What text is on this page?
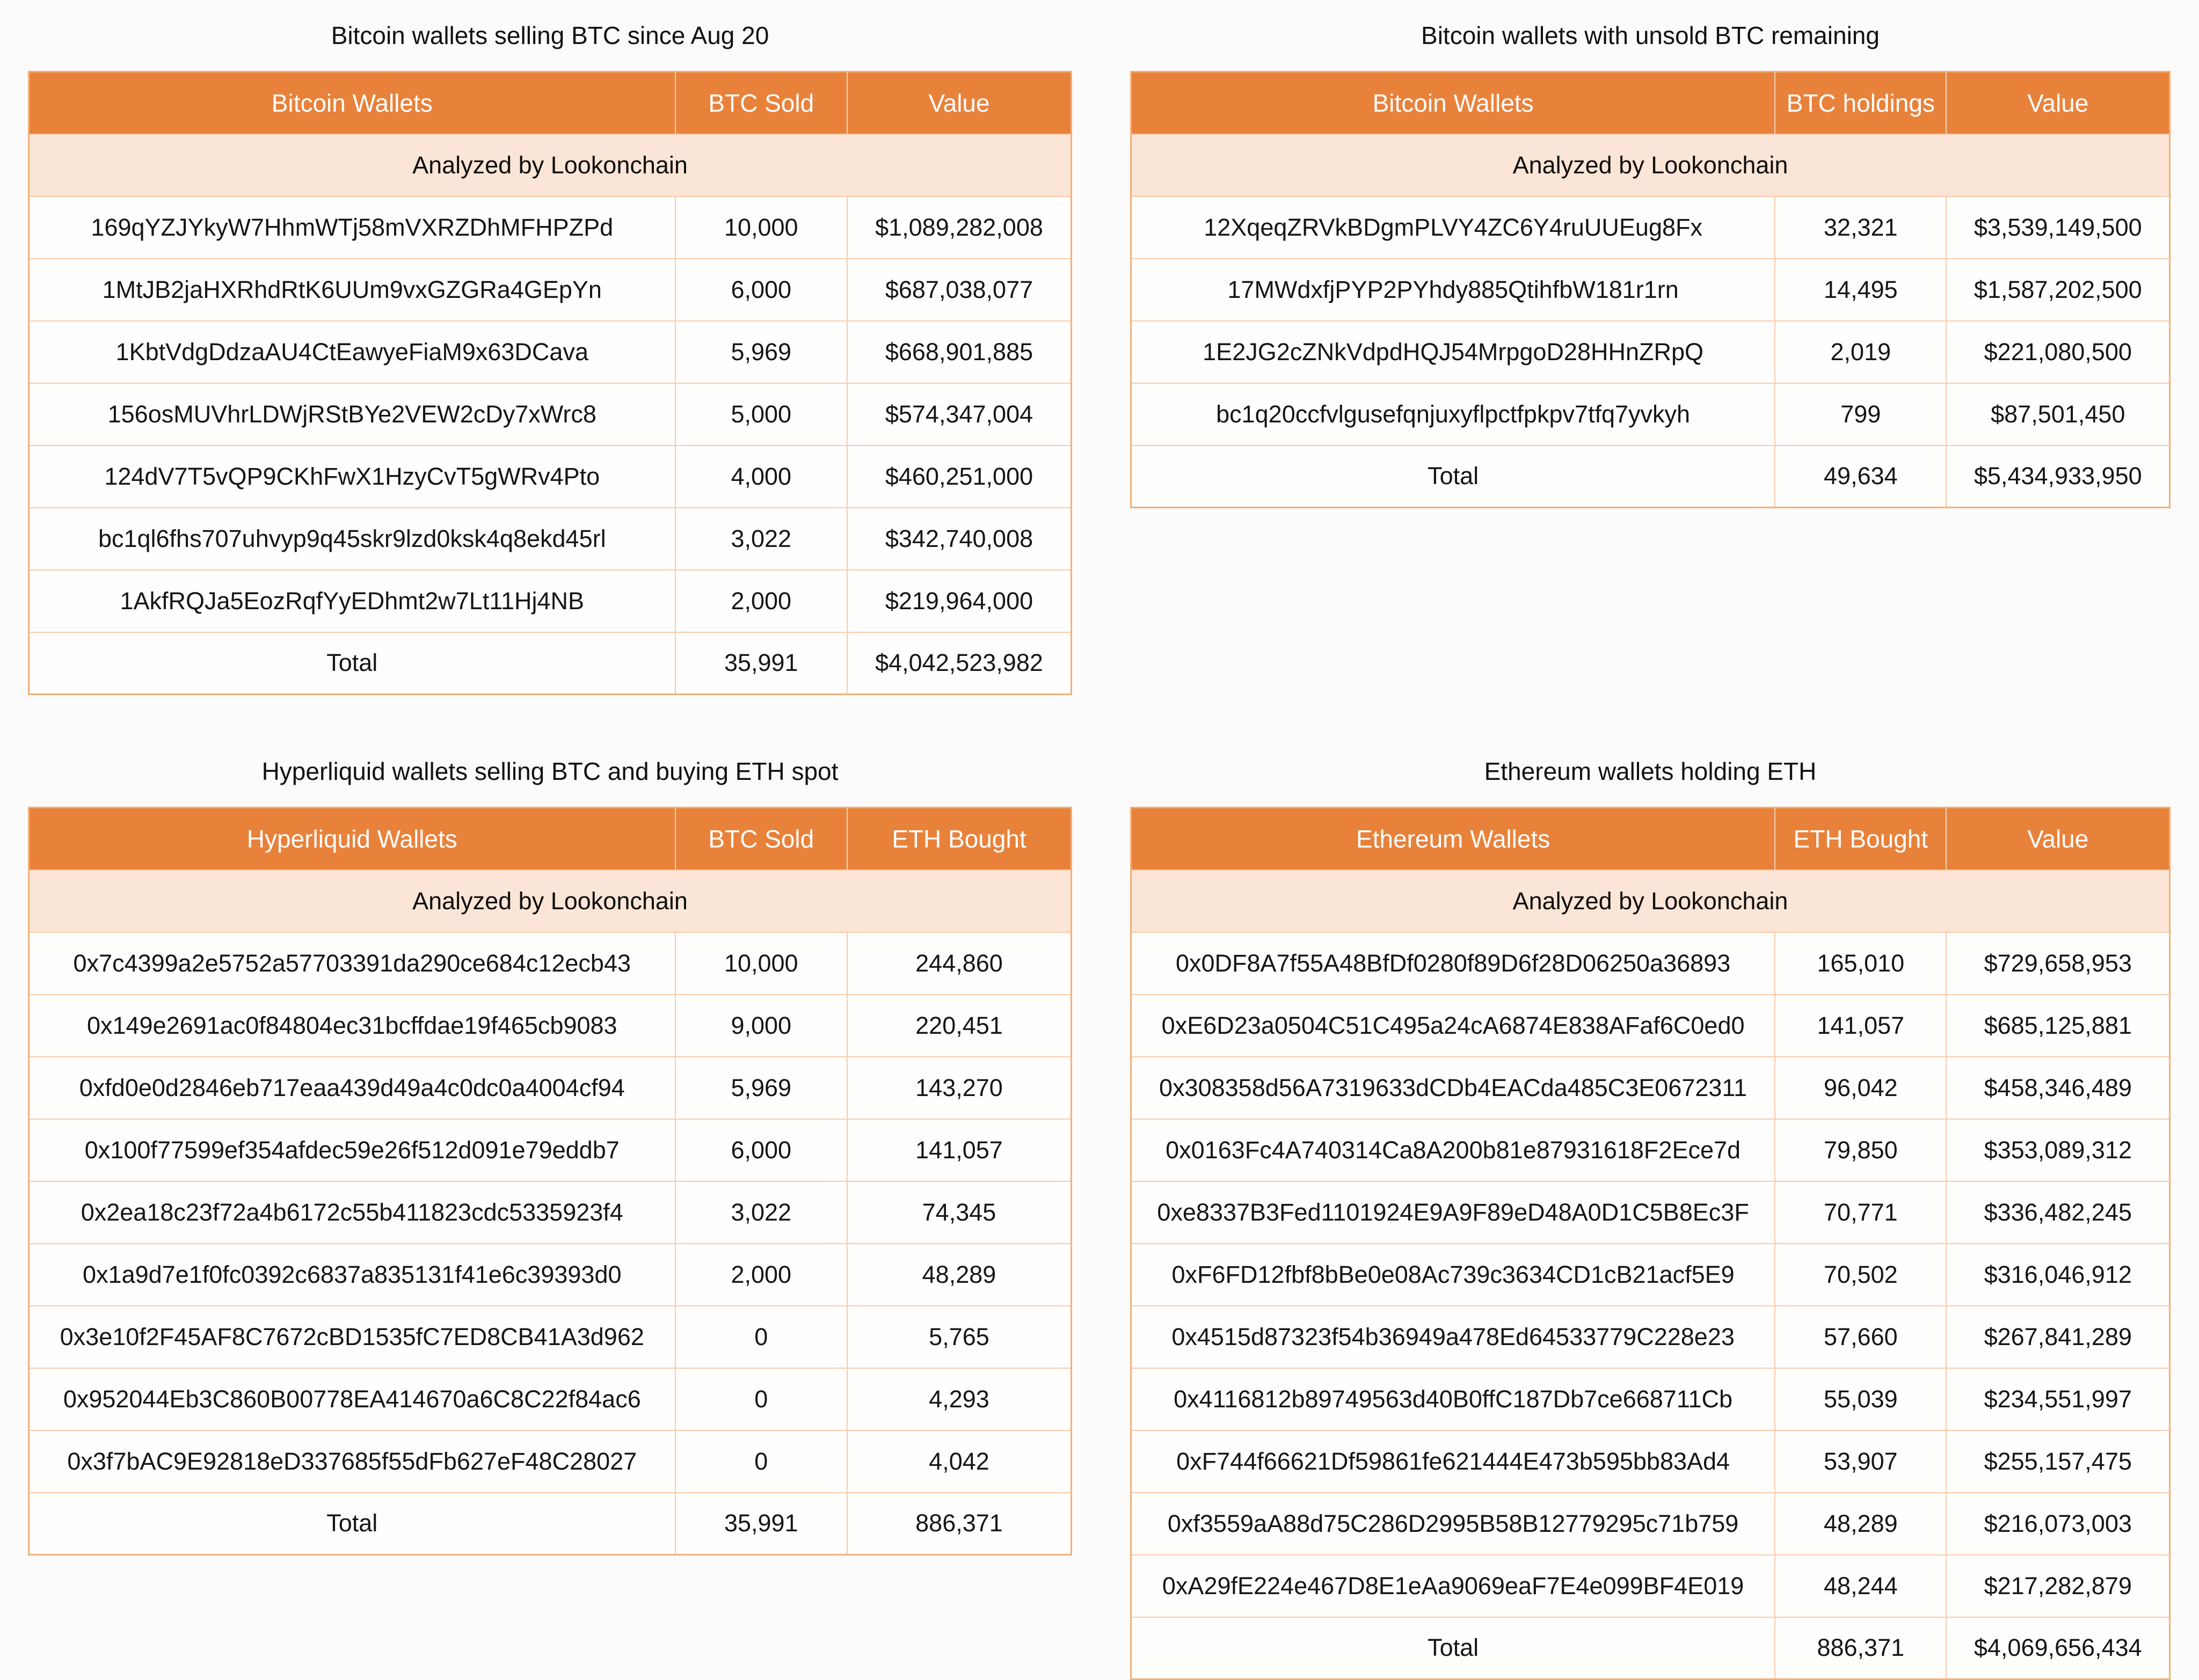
Bitcoin wallets selling BTC since Aug 20
Bitcoin Wallets	BTC Sold	Value
Analyzed by Lookonchain		
169qYZJYkyW7HhmWTj58mVXRZDhMFHPZPd	10,000	$1,089,282,008
1MtJB2jaHXRhdRtK6UUm9vxGZGRa4GEpYn	6,000	$687,038,077
1KbtVdgDdzaAU4CtEawyeFiaM9x63DCava	5,969	$668,901,885
156osMUVhrLDWjRStBYe2VEW2cDy7xWrc8	5,000	$574,347,004
124dV7T5vQP9CKhFwX1HzyCvT5gWRv4Pto	4,000	$460,251,000
bc1ql6fhs707uhvyp9q45skr9lzd0ksk4q8ekd45rl	3,022	$342,740,008
1AkfRQJa5EozRqfYyEDhmt2w7Lt11Hj4NB	2,000	$219,964,000
Total	35,991	$4,042,523,982
Bitcoin wallets with unsold BTC remaining
Bitcoin Wallets	BTC holdings	Value
Analyzed by Lookonchain		
12XqeqZRVkBDgmPLVY4ZC6Y4ruUUEug8Fx	32,321	$3,539,149,500
17MWdxfjPYP2PYhdy885QtihfbW181r1rn	14,495	$1,587,202,500
1E2JG2cZNkVdpdHQJ54MrpgoD28HHnZRpQ	2,019	$221,080,500
bc1q20ccfvlgusefqnjuxyflpctfpkpv7tfq7yvkyh	799	$87,501,450
Total	49,634	$5,434,933,950
Hyperliquid wallets selling BTC and buying ETH spot
Hyperliquid Wallets	BTC Sold	ETH Bought
Analyzed by Lookonchain		
0x7c4399a2e5752a57703391da290ce684c12ecb43	10,000	244,860
0x149e2691ac0f84804ec31bcffdae19f465cb9083	9,000	220,451
0xfd0e0d2846eb717eaa439d49a4c0dc0a4004cf94	5,969	143,270
0x100f77599ef354afdec59e26f512d091e79eddb7	6,000	141,057
0x2ea18c23f72a4b6172c55b411823cdc5335923f4	3,022	74,345
0x1a9d7e1f0fc0392c6837a835131f41e6c39393d0	2,000	48,289
0x3e10f2F45AF8C7672cBD1535fC7ED8CB41A3d962	0	5,765
0x952044Eb3C860B00778EA414670a6C8C22f84ac6	0	4,293
0x3f7bAC9E92818eD337685f55dFb627eF48C28027	0	4,042
Total	35,991	886,371
Ethereum wallets holding ETH
Ethereum Wallets	ETH Bought	Value
Analyzed by Lookonchain		
0x0DF8A7f55A48BfDf0280f89D6f28D06250a36893	165,010	$729,658,953
0xE6D23a0504C51C495a24cA6874E838AFaf6C0ed0	141,057	$685,125,881
0x308358d56A7319633dCDb4EACda485C3E0672311	96,042	$458,346,489
0x0163Fc4A740314Ca8A200b81e87931618F2Ece7d	79,850	$353,089,312
0xe8337B3Fed1101924E9A9F89eD48A0D1C5B8Ec3F	70,771	$336,482,245
0xF6FD12fbf8bBe0e08Ac739c3634CD1cB21acf5E9	70,502	$316,046,912
0x4515d87323f54b36949a478Ed64533779C228e23	57,660	$267,841,289
0x4116812b89749563d40B0ffC187Db7ce668711Cb	55,039	$234,551,997
0xF744f66621Df59861fe621444E473b595bb83Ad4	53,907	$255,157,475
0xf3559aA88d75C286D2995B58B12779295c71b759	48,289	$216,073,003
0xA29fE224e467D8E1eAa9069eaF7E4e099BF4E019	48,244	$217,282,879
Total	886,371	$4,069,656,434
